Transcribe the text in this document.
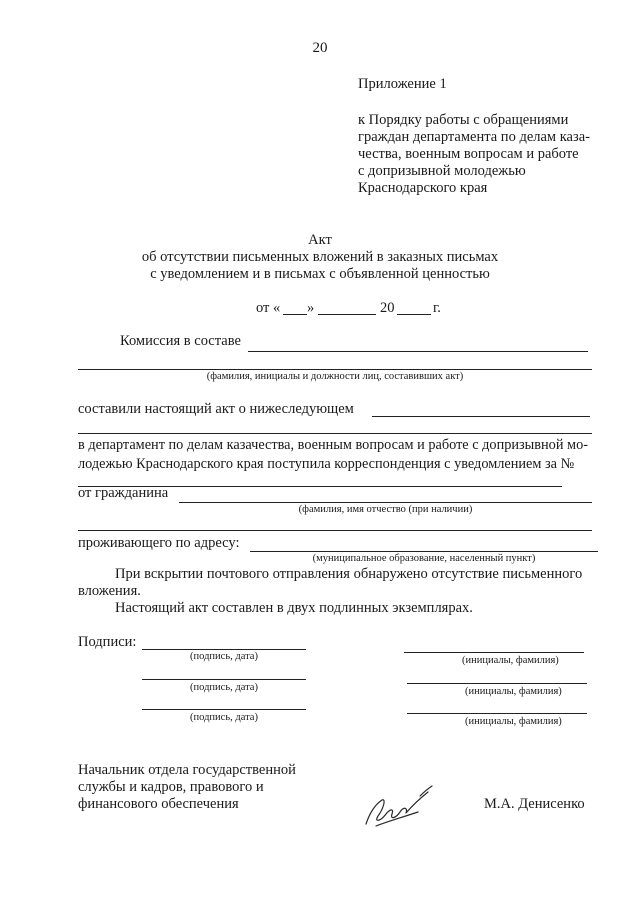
20
Приложение 1
к Порядку работы с обращениями
граждан департамента по делам каза-
чества, военным вопросам и работе
с допризывной молодежью
Краснодарского края
Акт
об отсутствии письменных вложений в заказных письмах
с уведомлением и в письмах с объявленной ценностью
от « »	20	г.
Комиссия в составе
(фамилия, инициалы и должности лиц, составивших акт)
составили настоящий акт о нижеследующем
в департамент по делам казачества, военным вопросам и работе с допризывной мо-
лодежью Краснодарского края поступила корреспонденция с уведомлением за №
от гражданина
(фамилия, имя отчество (при наличии)
проживающего по адресу:
(муниципальное образование, населенный пункт)
При вскрытии почтового отправления обнаружено отсутствие письменного
вложения.
Настоящий акт составлен в двух подлинных экземплярах.
Подписи:
(подпись, дата)	(инициалы, фамилия)
(подпись, дата)	(инициалы, фамилия)
(подпись, дата)	(инициалы, фамилия)
Начальник отдела государственной
службы и кадров, правового и
финансового обеспечения	М.А. Денисенко
